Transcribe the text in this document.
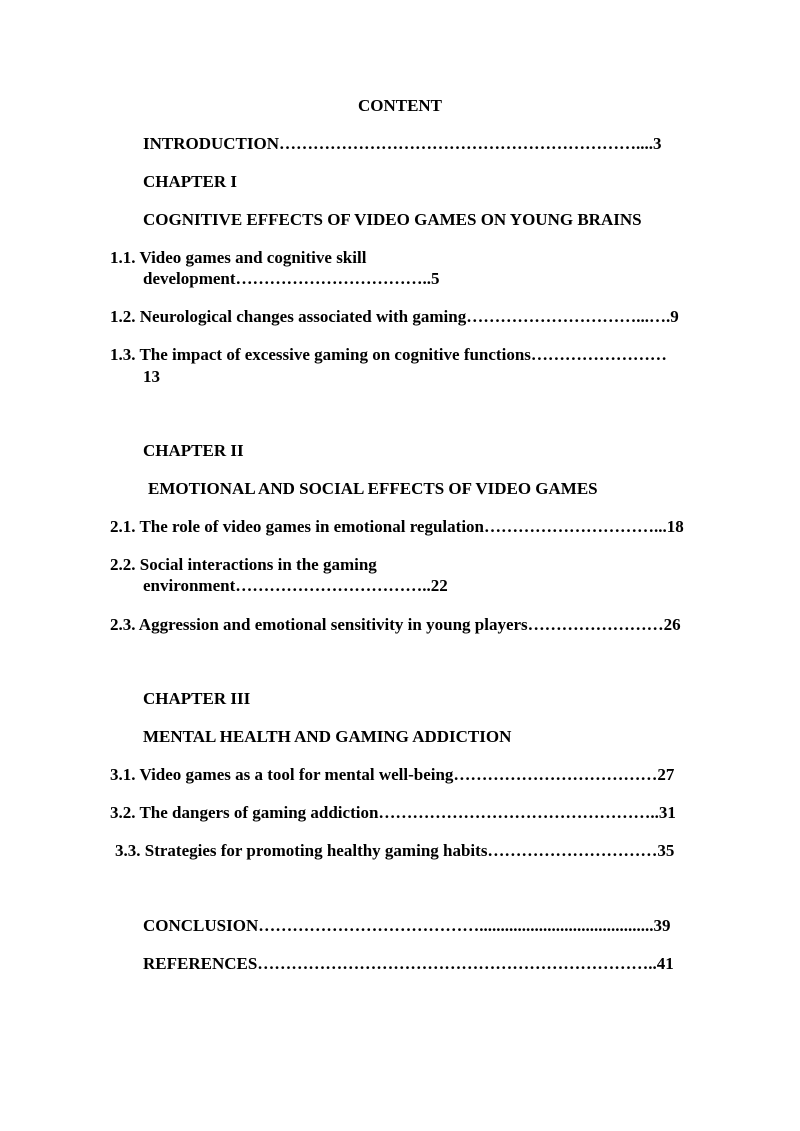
CONTENT
INTRODUCTION………………………………………………………....3
CHAPTER I
COGNITIVE EFFECTS OF VIDEO GAMES ON YOUNG BRAINS
1.1. Video games and cognitive skill
development……………………………..5
1.2. Neurological changes associated with gaming…………………………...….9
1.3. The impact of excessive gaming on cognitive functions……………………
13
CHAPTER II
EMOTIONAL AND SOCIAL EFFECTS OF VIDEO GAMES
2.1. The role of video games in emotional regulation…………………………...18
2.2. Social interactions in the gaming
environment……………………………..22
2.3. Aggression and emotional sensitivity in young players……………………26
CHAPTER III
MENTAL HEALTH AND GAMING ADDICTION
3.1. Video games as a tool for mental well-being………………………………27
3.2. The dangers of gaming addiction…………………………………………..31
3.3. Strategies for promoting healthy gaming habits…………………………35
CONCLUSION………………………………….........................................39
REFERENCES……………………………………………………………..41
